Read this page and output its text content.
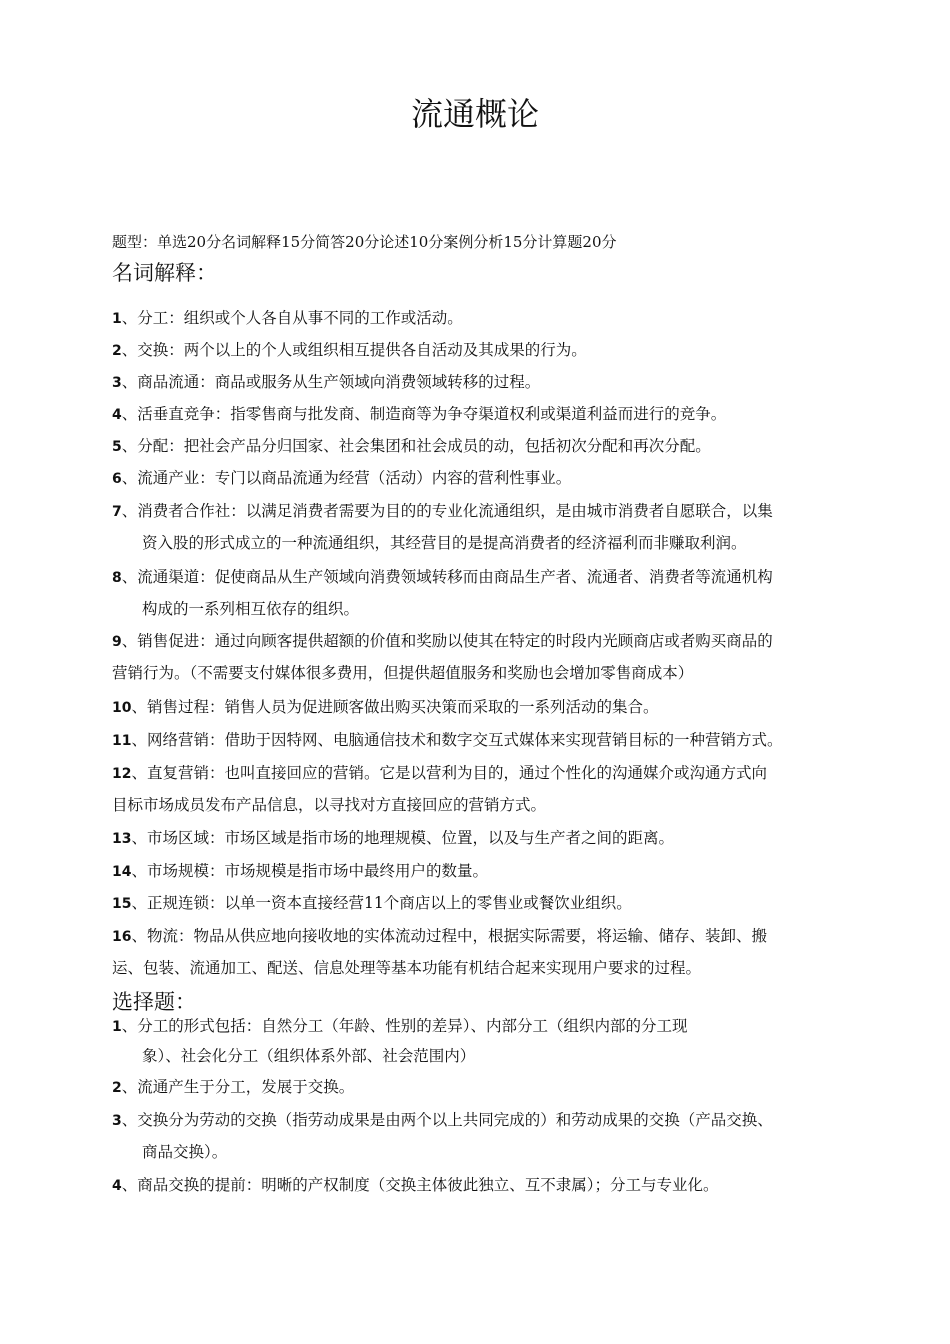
流通概论
题型：单选20分名词解释15分简答20分论述10分案例分析15分计算题20分
名词解释：
1、分工：组织或个人各自从事不同的工作或活动。
2、交换：两个以上的个人或组织相互提供各自活动及其成果的行为。
3、商品流通：商品或服务从生产领域向消费领域转移的过程。
4、活垂直竞争：指零售商与批发商、制造商等为争夺渠道权利或渠道利益而进行的竞争。
5、分配：把社会产品分归国家、社会集团和社会成员的动，包括初次分配和再次分配。
6、流通产业：专门以商品流通为经营（活动）内容的营利性事业。
7、消费者合作社：以满足消费者需要为目的的专业化流通组织，是由城市消费者自愿联合，以集
资入股的形式成立的一种流通组织，其经营目的是提高消费者的经济福利而非赚取利润。
8、流通渠道：促使商品从生产领域向消费领域转移而由商品生产者、流通者、消费者等流通机构
构成的一系列相互依存的组织。
9、销售促进：通过向顾客提供超额的价值和奖励以使其在特定的时段内光顾商店或者购买商品的
营销行为。（不需要支付媒体很多费用，但提供超值服务和奖励也会增加零售商成本）
10、销售过程：销售人员为促进顾客做出购买决策而采取的一系列活动的集合。
11、网络营销：借助于因特网、电脑通信技术和数字交互式媒体来实现营销目标的一种营销方式。
12、直复营销：也叫直接回应的营销。它是以营利为目的，通过个性化的沟通媒介或沟通方式向
目标市场成员发布产品信息，以寻找对方直接回应的营销方式。
13、市场区域：市场区域是指市场的地理规模、位置，以及与生产者之间的距离。
14、市场规模：市场规模是指市场中最终用户的数量。
15、正规连锁：以单一资本直接经营11个商店以上的零售业或餐饮业组织。
16、物流：物品从供应地向接收地的实体流动过程中，根据实际需要，将运输、储存、装卸、搬
运、包装、流通加工、配送、信息处理等基本功能有机结合起来实现用户要求的过程。
选择题：
1、分工的形式包括：自然分工（年龄、性别的差异）、内部分工（组织内部的分工现
象）、社会化分工（组织体系外部、社会范围内）
2、流通产生于分工，发展于交换。
3、交换分为劳动的交换（指劳动成果是由两个以上共同完成的）和劳动成果的交换（产品交换、
商品交换）。
4、商品交换的提前：明晰的产权制度（交换主体彼此独立、互不隶属）；分工与专业化。
